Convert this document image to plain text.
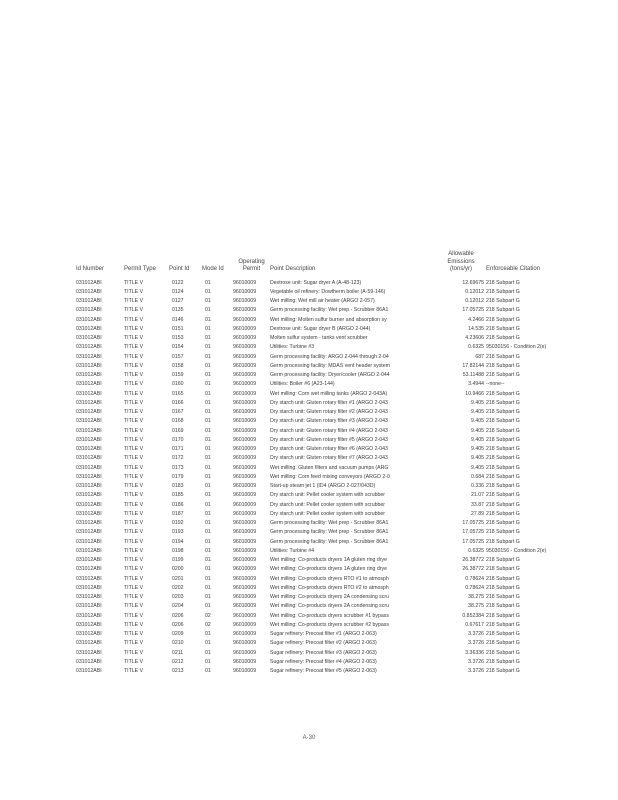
Id Number	Permit Type	Point Id	Mode Id	Operating Permit	Point Description	Allowable Emissions (tons/yr)	Enforceable Citation
031012ABI	TITLE V	0122	01	96010009	Dextrose unit: Sugar dryer A (A-48-123)	12.69675	218 Subpart G
031012ABI	TITLE V	0124	01	96010009	Vegetable oil refinery: Dowtherm boiler (A-59-146)	0.12012	218 Subpart G
031012ABI	TITLE V	0127	01	96010009	Wet milling: Wet mill air heater (ARGO 2-057)	0.12012	218 Subpart G
031012ABI	TITLE V	0135	01	96010009	Germ processing facility: Wet prep - Scrubber 86A1	17.05725	218 Subpart G
031012ABI	TITLE V	0146	01	96010009	Wet milling: Molten sulfur burner and absorption sy	4.2466	218 Subpart G
031012ABI	TITLE V	0151	01	96010009	Dextrose unit: Sugar dryer B (ARGO 2-044)	14.535	218 Subpart G
031012ABI	TITLE V	0153	01	96010009	Molten sulfur system - tanks vent scrubber	4.23606	218 Subpart G
031012ABI	TITLE V	0154	01	96010009	Utilities: Turbine #3	0.6325	95030156 - Condition 2(e)
031012ABI	TITLE V	0157	01	96010009	Germ processing facility: ARGO 2-044 through 2-04	687	218 Subpart G
031012ABI	TITLE V	0158	01	96010009	Germ processing facility: MDAS vent header system	17.82144	218 Subpart G
031012ABI	TITLE V	0159	01	96010009	Germ processing facility: Dryer/cooler (ARGO 2-044	53.11488	218 Subpart G
031012ABI	TITLE V	0160	01	96010009	Utilities: Boiler #6 (A23-144)	3.4944	--none--
031012ABI	TITLE V	0165	01	96010009	Wet milling: Corn wet milling tanks (ARGO 2-043A)	10.9466	218 Subpart G
031012ABI	TITLE V	0166	01	96010009	Dry starch unit: Gluten rotary filter #1 (ARGO 2-043	9.405	218 Subpart G
031012ABI	TITLE V	0167	01	96010009	Dry starch unit: Gluten rotary filter #2 (ARGO 2-043	9.405	218 Subpart G
031012ABI	TITLE V	0168	01	96010009	Dry starch unit: Gluten rotary filter #3 (ARGO 2-043	9.405	218 Subpart G
031012ABI	TITLE V	0169	01	96010009	Dry starch unit: Gluten rotary filter #4 (ARGO 2-043	9.405	218 Subpart G
031012ABI	TITLE V	0170	01	96010009	Dry starch unit: Gluten rotary filter #5 (ARGO 2-043	9.405	218 Subpart G
031012ABI	TITLE V	0171	01	96010009	Dry starch unit: Gluten rotary filter #6 (ARGO 2-043	9.405	218 Subpart G
031012ABI	TITLE V	0172	01	96010009	Dry starch unit: Gluten rotary filter #7 (ARGO 2-043	9.405	218 Subpart G
031012ABI	TITLE V	0173	01	96010009	Wet milling: Gluten filters and vacuum pumps (ARG	9.405	218 Subpart G
031012ABI	TITLE V	0179	01	96010009	Wet milling: Corn feed mixing conveyors (ARGO 2-0	0.684	218 Subpart G
031012ABI	TITLE V	0183	01	96010009	Start-up steam jet 1 (ID4 (ARGO 2-027/043D)	0.336	218 Subpart G
031012ABI	TITLE V	0185	01	96010009	Dry starch unit: Pellet cooler system with scrubber	21.07	218 Subpart G
031012ABI	TITLE V	0186	01	96010009	Dry starch unit: Pellet cooler system with scrubber	33.87	218 Subpart G
031012ABI	TITLE V	0187	01	96010009	Dry starch unit: Pellet cooler system with scrubber	27.89	218 Subpart G
031012ABI	TITLE V	0192	01	96010009	Germ processing facility: Wet prep - Scrubber 86A1	17.05725	218 Subpart G
031012ABI	TITLE V	0193	01	96010009	Germ processing facility: Wet prep - Scrubber 86A1	17.05725	218 Subpart G
031012ABI	TITLE V	0194	01	96010009	Germ processing facility: Wet prep - Scrubber 86A1	17.05725	218 Subpart G
031012ABI	TITLE V	0198	01	96010009	Utilities: Turbine #4	0.6325	95030156 - Condition 2(e)
031012ABI	TITLE V	0199	01	96010009	Wet milling: Co-products dryers 1A gluten ring drye	26.38772	218 Subpart G
031012ABI	TITLE V	0200	01	96010009	Wet milling: Co-products dryers 1A gluten ring drye	26.38772	218 Subpart G
031012ABI	TITLE V	0201	01	96010009	Wet milling: Co-products dryers RTO #1 to atmosph	0.78624	218 Subpart G
031012ABI	TITLE V	0202	01	96010009	Wet milling: Co-products dryers RTO #2 to atmosph	0.78624	218 Subpart G
031012ABI	TITLE V	0203	01	96010009	Wet milling: Co-products dryers 2A condensing scru	38.275	218 Subpart G
031012ABI	TITLE V	0204	01	96010009	Wet milling: Co-products dryers 2A condensing scru	38.275	218 Subpart G
031012ABI	TITLE V	0206	02	96010009	Wet milling: Co-products dryers scrubber #1 bypass	0.852384	218 Subpart G
031012ABI	TITLE V	0206	02	96010009	Wet milling: Co-products dryers scrubber #2 bypass	0.67617	218 Subpart G
031012ABI	TITLE V	0209	01	96010009	Sugar refinery: Precoat filter #1 (ARGO 2-063)	3.3726	218 Subpart G
031012ABI	TITLE V	0210	01	96010009	Sugar refinery: Precoat filter #2 (ARGO 2-063)	3.3726	218 Subpart G
031012ABI	TITLE V	0211	01	96010009	Sugar refinery: Precoat filter #3 (ARGO 2-063)	3.36336	218 Subpart G
031012ABI	TITLE V	0212	01	96010009	Sugar refinery: Precoat filter #4 (ARGO 2-063)	3.3726	218 Subpart G
031012ABI	TITLE V	0213	01	96010009	Sugar refinery: Precoat filter #5 (ARGO 2-063)	3.3726	218 Subpart G
A-30
